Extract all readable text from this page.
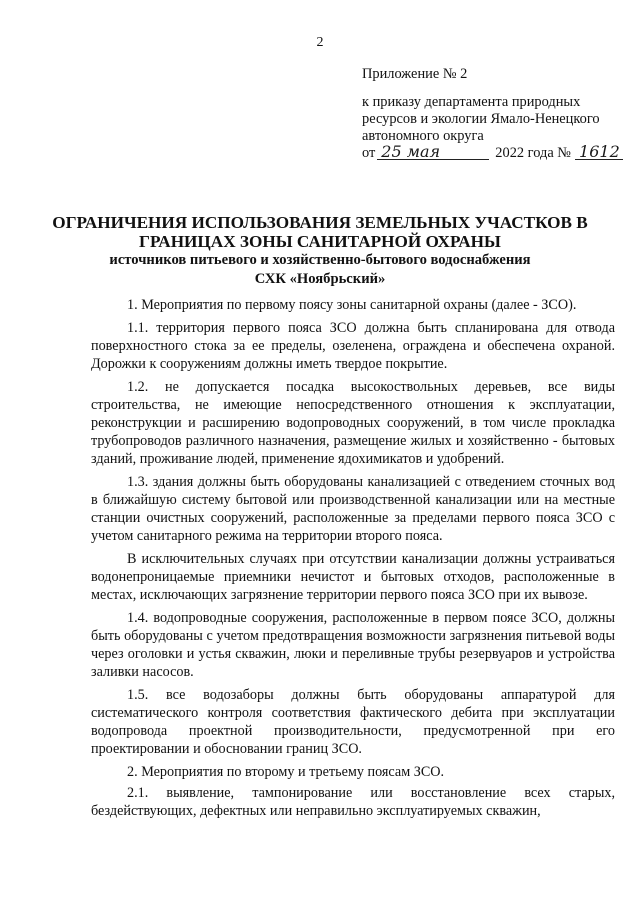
2
Приложение № 2
к приказу департамента природных
ресурсов и экологии Ямало-Ненецкого
автономного округа
от 25 мая	2022 года № 1612
ОГРАНИЧЕНИЯ ИСПОЛЬЗОВАНИЯ ЗЕМЕЛЬНЫХ УЧАСТКОВ В
ГРАНИЦАХ ЗОНЫ САНИТАРНОЙ ОХРАНЫ
источников питьевого и хозяйственно-бытового водоснабжения
СХК «Ноябрьский»

1. Мероприятия по первому поясу зоны санитарной охраны (далее - ЗСО).

1.1. территория первого пояса ЗСО должна быть спланирована для отвода поверхностного стока за ее пределы, озеленена, ограждена и обеспечена охраной. Дорожки к сооружениям должны иметь твердое покрытие.

1.2. не допускается посадка высокоствольных деревьев, все виды строительства, не имеющие непосредственного отношения к эксплуатации, реконструкции и расширению водопроводных сооружений, в том числе прокладка трубопроводов различного назначения, размещение жилых и хозяйственно - бытовых зданий, проживание людей, применение ядохимикатов и удобрений.

1.3. здания должны быть оборудованы канализацией с отведением сточных вод в ближайшую систему бытовой или производственной канализации или на местные станции очистных сооружений, расположенные за пределами первого пояса ЗСО с учетом санитарного режима на территории второго пояса.

В исключительных случаях при отсутствии канализации должны устраиваться водонепроницаемые приемники нечистот и бытовых отходов, расположенные в местах, исключающих загрязнение территории первого пояса ЗСО при их вывозе.

1.4. водопроводные сооружения, расположенные в первом поясе ЗСО, должны быть оборудованы с учетом предотвращения возможности загрязнения питьевой воды через оголовки и устья скважин, люки и переливные трубы резервуаров и устройства заливки насосов.

1.5. все водозаборы должны быть оборудованы аппаратурой для систематического контроля соответствия фактического дебита при эксплуатации водопровода проектной производительности, предусмотренной при его проектировании и обосновании границ ЗСО.

2. Мероприятия по второму и третьему поясам ЗСО.

2.1. выявление, тампонирование или восстановление всех старых, бездействующих, дефектных или неправильно эксплуатируемых скважин,
